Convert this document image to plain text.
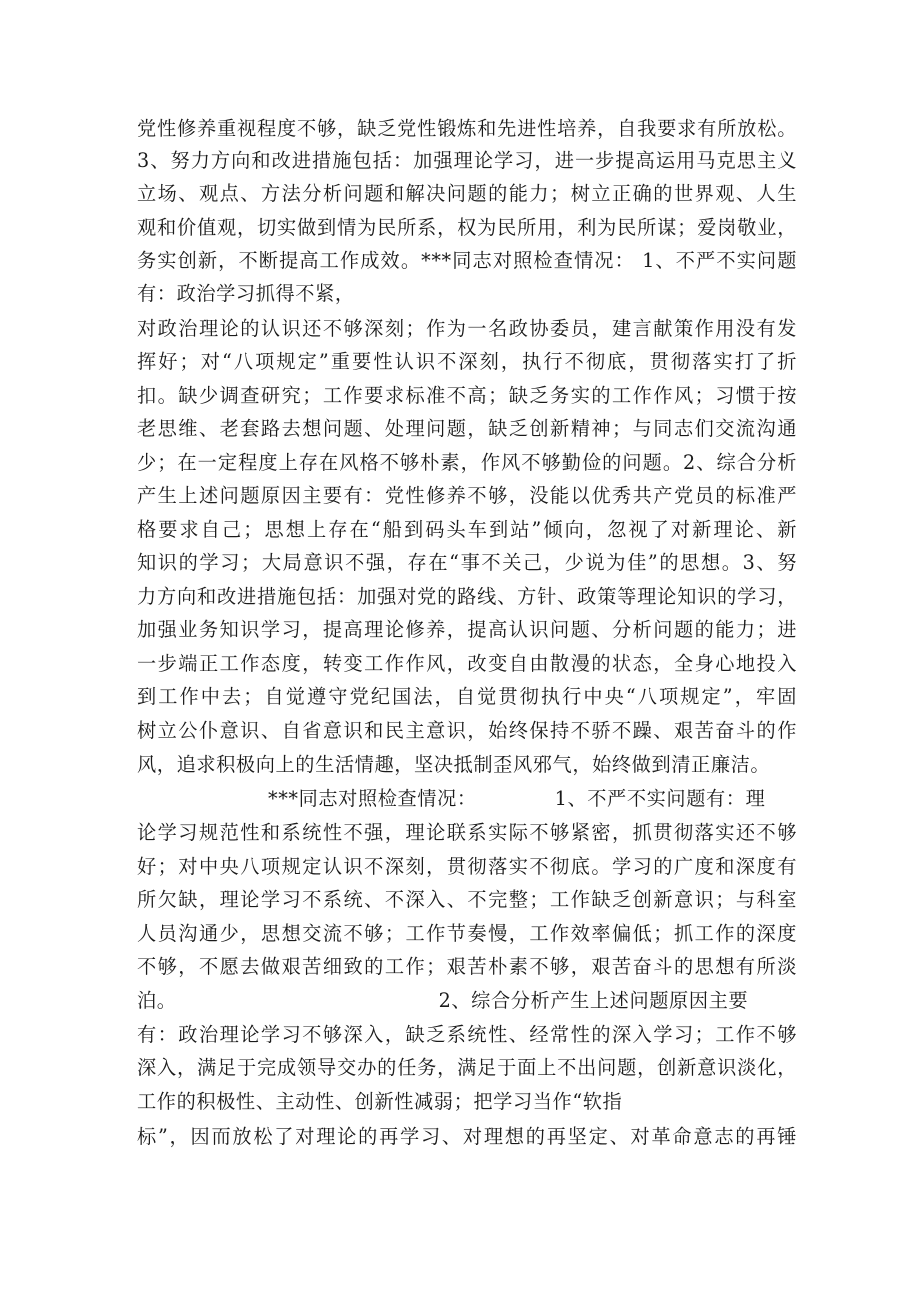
党性修养重视程度不够，缺乏党性锻炼和先进性培养，自我要求有所放松。
3、努力方向和改进措施包括：加强理论学习，进一步提高运用马克思主义
立场、观点、方法分析问题和解决问题的能力；树立正确的世界观、人生
观和价值观，切实做到情为民所系，权为民所用，利为民所谋；爱岗敬业，
务实创新，不断提高工作成效。***同志对照检查情况： 1、不严不实问题
有：政治学习抓得不紧，
对政治理论的认识还不够深刻；作为一名政协委员，建言献策作用没有发
挥好；对“八项规定”重要性认识不深刻，执行不彻底，贯彻落实打了折
扣。缺少调查研究；工作要求标准不高；缺乏务实的工作作风；习惯于按
老思维、老套路去想问题、处理问题，缺乏创新精神；与同志们交流沟通
少；在一定程度上存在风格不够朴素，作风不够勤俭的问题。2、综合分析
产生上述问题原因主要有：党性修养不够，没能以优秀共产党员的标准严
格要求自己；思想上存在“船到码头车到站”倾向，忽视了对新理论、新
知识的学习；大局意识不强，存在“事不关己，少说为佳”的思想。3、努
力方向和改进措施包括：加强对党的路线、方针、政策等理论知识的学习，
加强业务知识学习，提高理论修养，提高认识问题、分析问题的能力；进
一步端正工作态度，转变工作作风，改变自由散漫的状态，全身心地投入
到工作中去；自觉遵守党纪国法，自觉贯彻执行中央“八项规定”，牢固
树立公仆意识、自省意识和民主意识，始终保持不骄不躁、艰苦奋斗的作
风，追求积极向上的生活情趣，坚决抵制歪风邪气，始终做到清正廉洁。
***同志对照检查情况：	1、不严不实问题有：理
论学习规范性和系统性不强，理论联系实际不够紧密，抓贯彻落实还不够
好；对中央八项规定认识不深刻，贯彻落实不彻底。学习的广度和深度有
所欠缺，理论学习不系统、不深入、不完整；工作缺乏创新意识；与科室
人员沟通少，思想交流不够；工作节奏慢，工作效率偏低；抓工作的深度
不够，不愿去做艰苦细致的工作；艰苦朴素不够，艰苦奋斗的思想有所淡
泊。	2、综合分析产生上述问题原因主要
有：政治理论学习不够深入，缺乏系统性、经常性的深入学习；工作不够
深入，满足于完成领导交办的任务，满足于面上不出问题，创新意识淡化，
工作的积极性、主动性、创新性减弱；把学习当作“软指
标”，因而放松了对理论的再学习、对理想的再坚定、对革命意志的再锤
